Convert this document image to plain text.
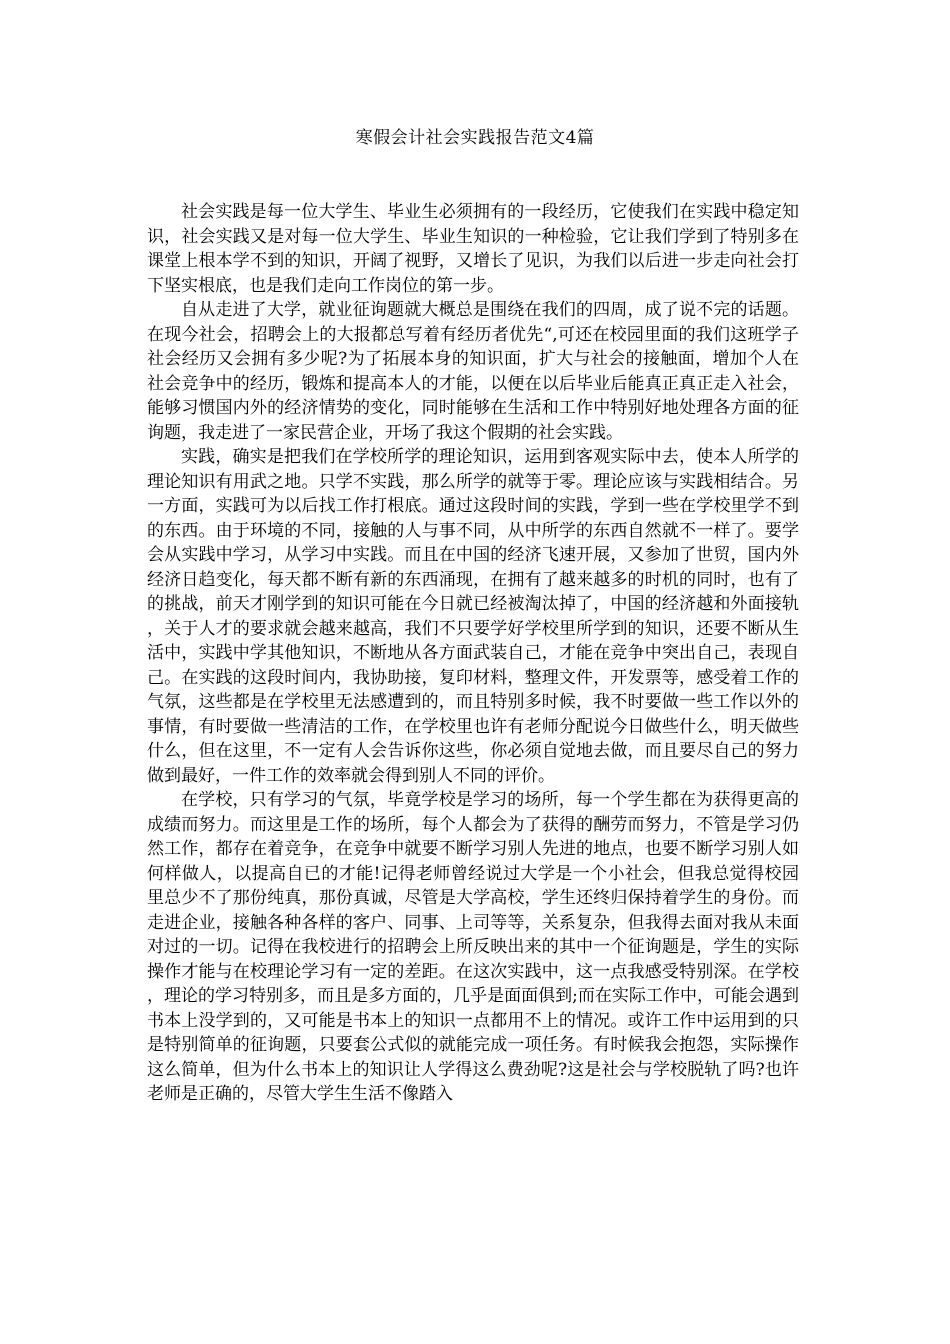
寒假会计社会实践报告范文4篇

社会实践是每一位大学生、毕业生必须拥有的一段经历，它使我们在实践中稳定知识，社会实践又是对每一位大学生、毕业生知识的一种检验，它让我们学到了特别多在课堂上根本学不到的知识，开阔了视野，又增长了见识，为我们以后进一步走向社会打下坚实根底，也是我们走向工作岗位的第一步。

自从走进了大学，就业征询题就大概总是围绕在我们的四周，成了说不完的话题。在现今社会，招聘会上的大报都总写着有经历者优先“,可还在校园里面的我们这班学子社会经历又会拥有多少呢?为了拓展本身的知识面，扩大与社会的接触面，增加个人在社会竞争中的经历，锻炼和提高本人的才能，以便在以后毕业后能真正真正走入社会，能够习惯国内外的经济情势的变化，同时能够在生活和工作中特别好地处理各方面的征询题，我走进了一家民营企业，开场了我这个假期的社会实践。

实践，确实是把我们在学校所学的理论知识，运用到客观实际中去，使本人所学的理论知识有用武之地。只学不实践，那么所学的就等于零。理论应该与实践相结合。另一方面，实践可为以后找工作打根底。通过这段时间的实践，学到一些在学校里学不到的东西。由于环境的不同，接触的人与事不同，从中所学的东西自然就不一样了。要学会从实践中学习，从学习中实践。而且在中国的经济飞速开展，又参加了世贸，国内外经济日趋变化，每天都不断有新的东西涌现，在拥有了越来越多的时机的同时，也有了的挑战，前天才刚学到的知识可能在今日就已经被淘汰掉了，中国的经济越和外面接轨，关于人才的要求就会越来越高，我们不只要学好学校里所学到的知识，还要不断从生活中，实践中学其他知识，不断地从各方面武装自己，才能在竞争中突出自己，表现自己。在实践的这段时间内，我协助接，复印材料，整理文件，开发票等，感受着工作的气氛，这些都是在学校里无法感遭到的，而且特别多时候，我不时要做一些工作以外的事情，有时要做一些清洁的工作，在学校里也许有老师分配说今日做些什么，明天做些什么，但在这里，不一定有人会告诉你这些，你必须自觉地去做，而且要尽自己的努力做到最好，一件工作的效率就会得到别人不同的评价。

在学校，只有学习的气氛，毕竟学校是学习的场所，每一个学生都在为获得更高的成绩而努力。而这里是工作的场所，每个人都会为了获得的酬劳而努力，不管是学习仍然工作，都存在着竞争，在竞争中就要不断学习别人先进的地点，也要不断学习别人如何样做人，以提高自已的才能!记得老师曾经说过大学是一个小社会，但我总觉得校园里总少不了那份纯真，那份真诚，尽管是大学高校，学生还终归保持着学生的身份。而走进企业，接触各种各样的客户、同事、上司等等，关系复杂，但我得去面对我从未面对过的一切。记得在我校进行的招聘会上所反映出来的其中一个征询题是，学生的实际操作才能与在校理论学习有一定的差距。在这次实践中，这一点我感受特别深。在学校，理论的学习特别多，而且是多方面的，几乎是面面俱到;而在实际工作中，可能会遇到书本上没学到的，又可能是书本上的知识一点都用不上的情况。或许工作中运用到的只是特别简单的征询题，只要套公式似的就能完成一项任务。有时候我会抱怨，实际操作这么简单，但为什么书本上的知识让人学得这么费劲呢?这是社会与学校脱轨了吗?也许老师是正确的，尽管大学生生活不像踏入
